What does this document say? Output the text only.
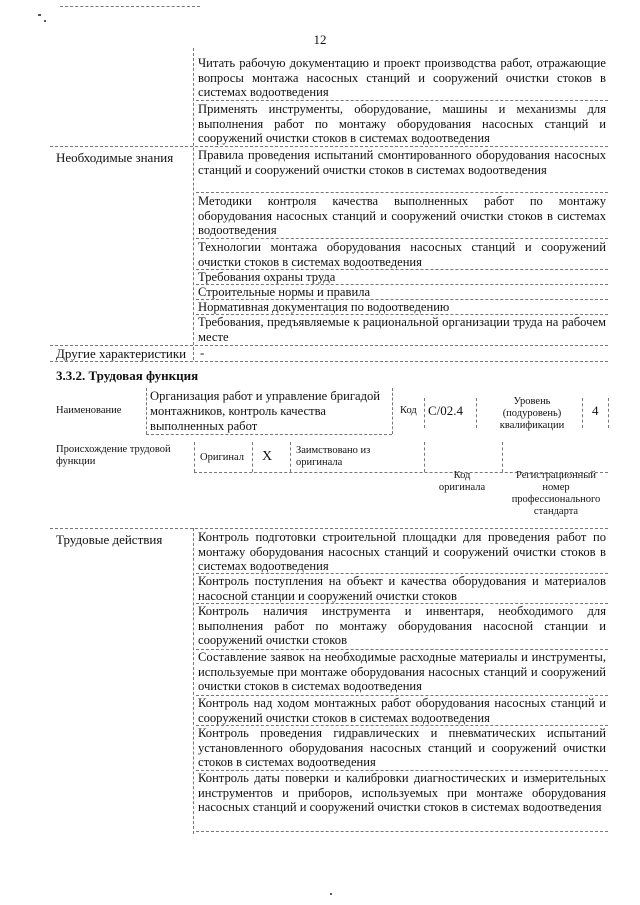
12
Читать рабочую документацию и проект производства работ, отражающие вопросы монтажа насосных станций и сооружений очистки стоков в системах водоотведения
Применять инструменты, оборудование, машины и механизмы для выполнения работ по монтажу оборудования насосных станций и сооружений очистки стоков в системах водоотведения
Необходимые знания Правила проведения испытаний смонтированного оборудования насосных станций и сооружений очистки стоков в системах водоотведения
Методики контроля качества выполненных работ по монтажу оборудования насосных станций и сооружений очистки стоков в системах водоотведения
Технологии монтажа оборудования насосных станций и сооружений очистки стоков в системах водоотведения
Требования охраны труда
Строительные нормы и правила
Нормативная документация по водоотведению
Требования, предъявляемые к рациональной организации труда на рабочем месте
Другие характеристики -
3.3.2. Трудовая функция
Наименование
Организация работ и управление бригадой монтажников, контроль качества выполненных работ
Код C/02.4
Уровень (подуровень) квалификации
4
Происхождение трудовой функции	Оригинал X Заимствовано из оригинала
Код оригинала
Регистрационный номер профессионального стандарта
Трудовые действия	Контроль подготовки строительной площадки для проведения работ по монтажу оборудования насосных станций и сооружений очистки стоков в системах водоотведения
Контроль поступления на объект и качества оборудования и материалов насосной станции и сооружений очистки стоков
Контроль наличия инструмента и инвентаря, необходимого для выполнения работ по монтажу оборудования насосной станции и сооружений очистки стоков
Составление заявок на необходимые расходные материалы и инструменты, используемые при монтаже оборудования насосных станций и сооружений очистки стоков в системах водоотведения
Контроль над ходом монтажных работ оборудования насосных станций и сооружений очистки стоков в системах водоотведения
Контроль проведения гидравлических и пневматических испытаний установленного оборудования насосных станций и сооружений очистки стоков в системах водоотведения
Контроль даты поверки и калибровки диагностических и измерительных инструментов и приборов, используемых при монтаже оборудования насосных станций и сооружений очистки стоков в системах водоотведения
